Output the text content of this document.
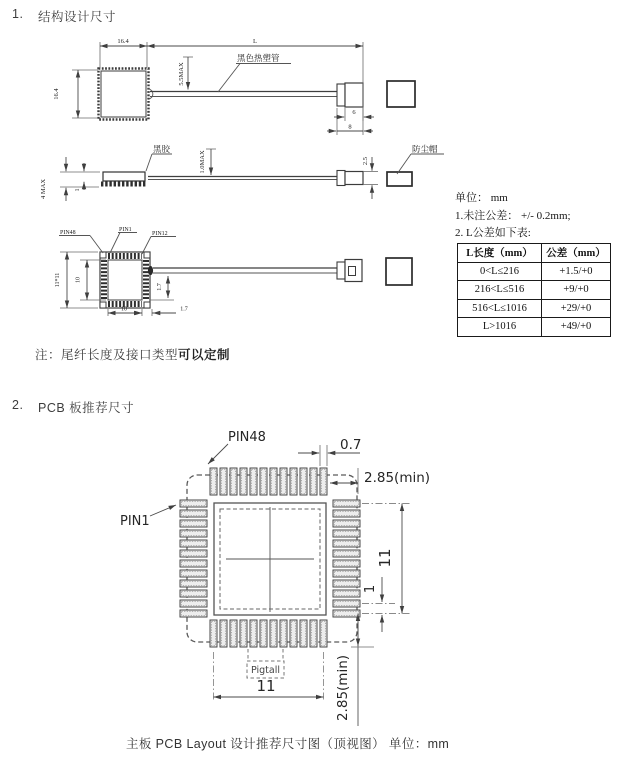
16.4	L
5.5MAX
16.4
黑色热塑管
6
8
黑胶
1.0MAX
4 MAX	1
2.5
防尘帽
PIN48	PIN1
PIN12
11*11 10
10	1.7
1.7
PIN48
PIN1
0.7
2.85(min)
11
1
11	2.85(min)
Pigtall
1.	结构设计尺寸
单位： mm
1.未注公差： +/- 0.2mm;
2. L公差如下表:
L长度（mm）	公差（mm）
0<L≤216	+1.5/+0
216<L≤516	+9/+0
516<L≤1016	+29/+0
L>1016	+49/+0
注：尾纤长度及接口类型可以定制
2.	PCB 板推荐尺寸
主板 PCB Layout 设计推荐尺寸图（顶视图） 单位：mm
